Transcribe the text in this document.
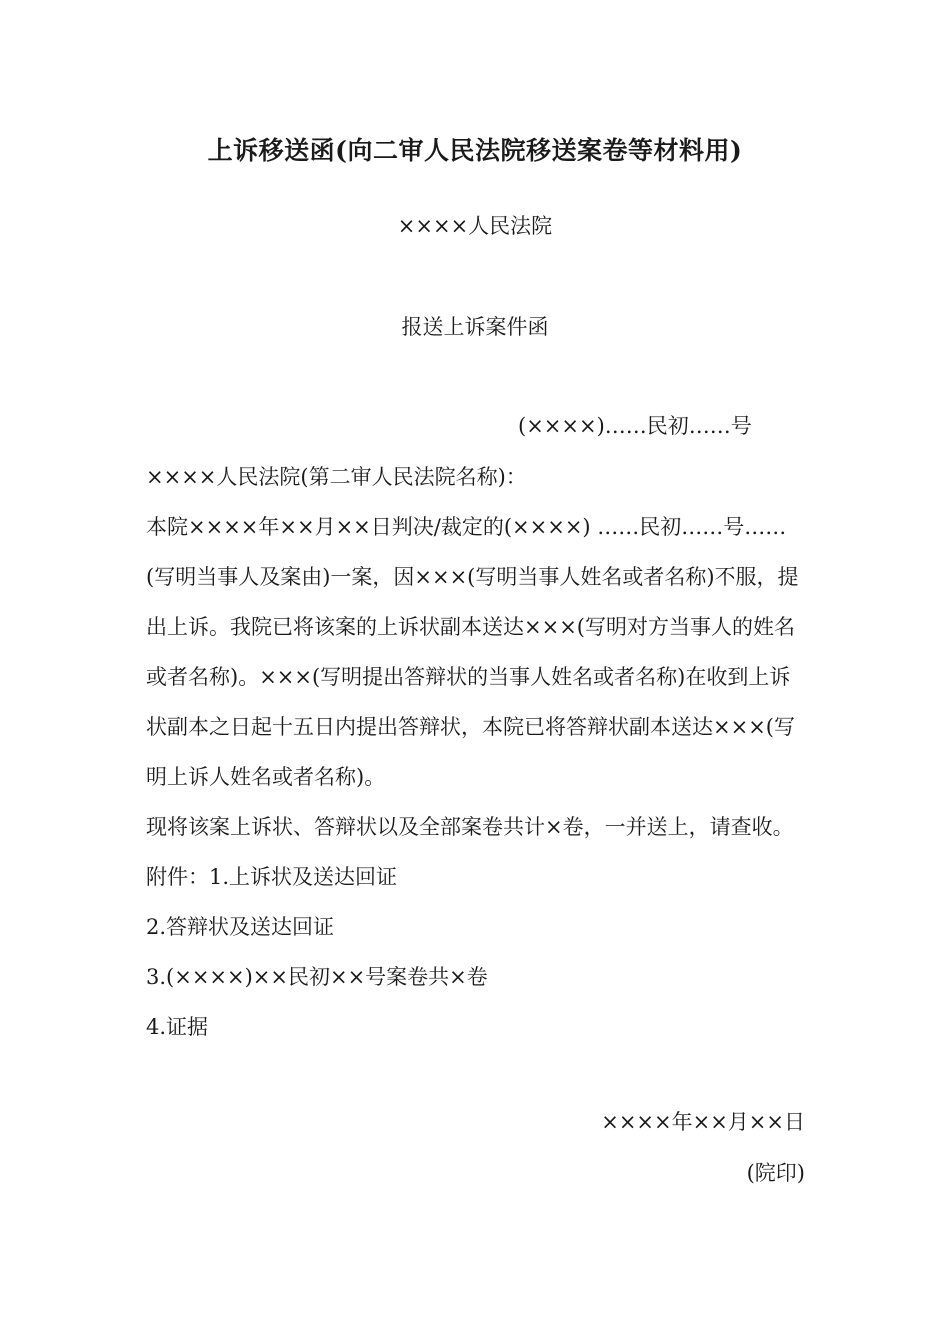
上诉移送函(向二审人民法院移送案卷等材料用)
××××人民法院
报送上诉案件函
(××××)……民初……号

××××人民法院(第二审人民法院名称)：

本院××××年××月××日判决/裁定的(××××) ……民初……号……(写明当事人及案由)一案，因×××(写明当事人姓名或者名称)不服，提出上诉。我院已将该案的上诉状副本送达×××(写明对方当事人的姓名或者名称)。×××(写明提出答辩状的当事人姓名或者名称)在收到上诉状副本之日起十五日内提出答辩状，本院已将答辩状副本送达×××(写明上诉人姓名或者名称)。

现将该案上诉状、答辩状以及全部案卷共计×卷，一并送上，请查收。

附件：1.上诉状及送达回证

2.答辩状及送达回证

3.(××××)××民初××号案卷共×卷

4.证据

××××年××月××日
(院印)
